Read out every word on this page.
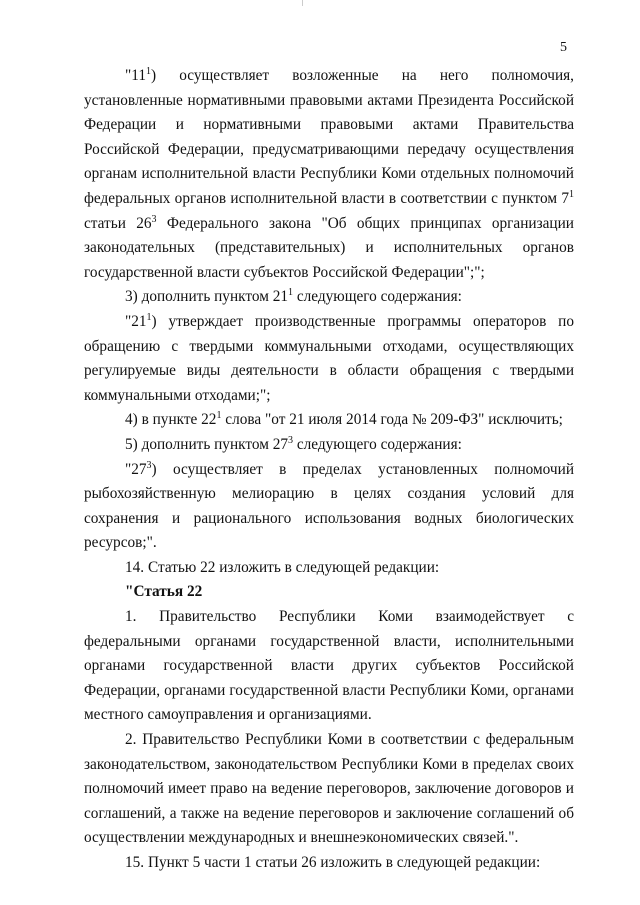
5

"$11^1$) осуществляет возложенные на него полномочия, установленные нормативными правовыми актами Президента Российской Федерации и нормативными правовыми актами Правительства Российской Федерации, предусматривающими передачу осуществления органам исполнительной власти Республики Коми отдельных полномочий федеральных органов исполнительной власти в соответствии с пунктом $7^1$ статьи $26^3$ Федерального закона "Об общих принципах организации законодательных (представительных) и исполнительных органов государственной власти субъектов Российской Федерации";";

3) дополнить пунктом $21^1$ следующего содержания:

"$21^1$) утверждает производственные программы операторов по обращению с твердыми коммунальными отходами, осуществляющих регулируемые виды деятельности в области обращения с твердыми коммунальными отходами;";

4) в пункте $22^1$ слова "от 21 июля 2014 года № 209-ФЗ" исключить;

5) дополнить пунктом $27^3$ следующего содержания:

"$27^3$) осуществляет в пределах установленных полномочий рыбохозяйственную мелиорацию в целях создания условий для сохранения и рационального использования водных биологических ресурсов;".

14. Статью 22 изложить в следующей редакции:

"Статья 22

1. Правительство Республики Коми взаимодействует с федеральными органами государственной власти, исполнительными органами государственной власти других субъектов Российской Федерации, органами государственной власти Республики Коми, органами местного самоуправления и организациями.

2. Правительство Республики Коми в соответствии с федеральным законодательством, законодательством Республики Коми в пределах своих полномочий имеет право на ведение переговоров, заключение договоров и соглашений, а также на ведение переговоров и заключение соглашений об осуществлении международных и внешнеэкономических связей.".

15. Пункт 5 части 1 статьи 26 изложить в следующей редакции:
